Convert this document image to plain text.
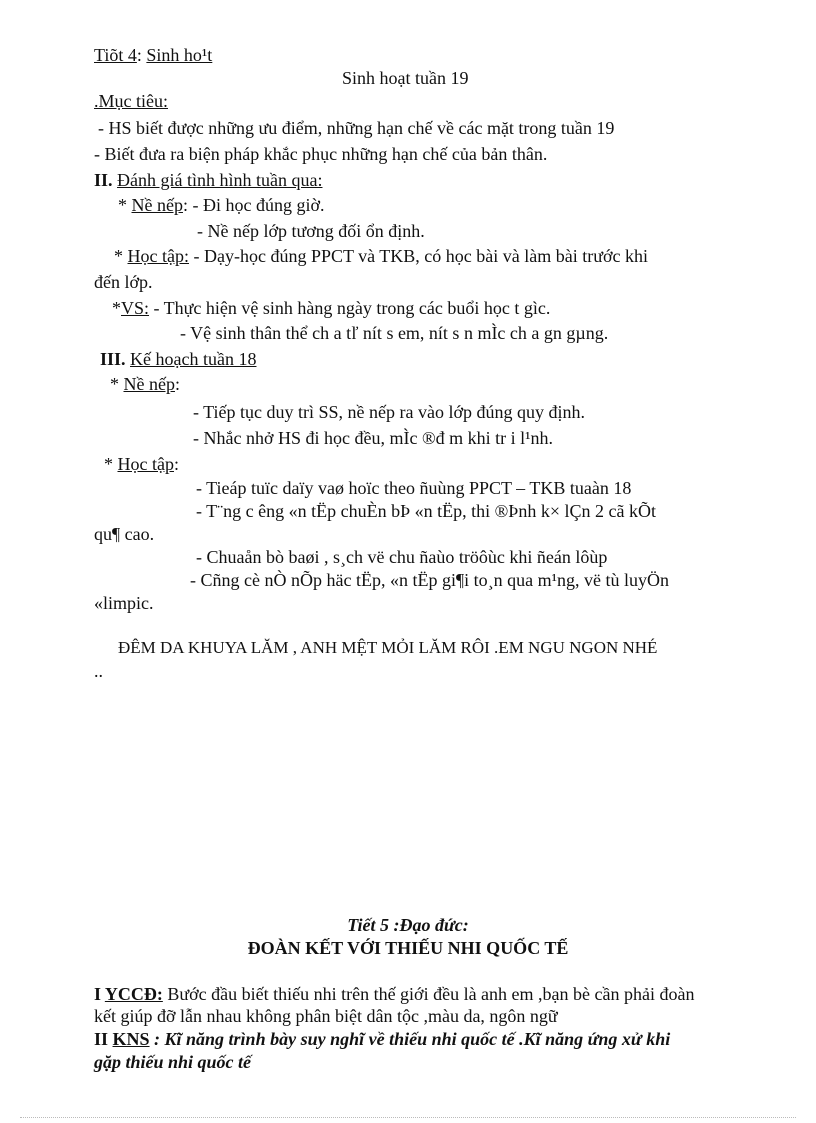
Tiõt 4: Sinh ho¹t
Sinh hoạt tuần 19
.Mục tiêu:
- HS biết được những ưu điểm, những hạn chế về các mặt trong tuần 19
- Biết đưa ra biện pháp khắc phục những hạn chế của bản thân.
II. Đánh giá tình hình tuần qua:
* Nề nếp: - Đi học đúng giờ.
- Nề nếp lớp tương đối ổn định.
* Học tập: - Dạy-học đúng PPCT và TKB, có học bài và làm bài trước khi
đến lớp.
*VS: - Thực hiện vệ sinh hàng ngày trong các buổi học t gìc.
- Vệ sinh thân thể ch a tľ nít s em, nít s n mÌc ch a gn gµng.
III. Kế hoạch tuần 18
* Nề nếp:
- Tiếp tục duy trì SS, nề nếp ra vào lớp đúng quy định.
- Nhắc nhở HS đi học đều, mÌc ®đ m khi tr i l¹nh.
* Học tập:
- Tieáp tuïc daïy vaø hoïc theo ñuùng PPCT – TKB tuaàn 18
- T¨ng c êng «n tËp chuÈn bÞ «n tËp, thi ®Þnh k× lÇn 2 cã kÕt
qu¶ cao.
- Chuaån bò baøi , s¸ch vë chu ñaùo tröôùc khi ñeán lôùp
- Cñng cè nÒ nÕp häc tËp, «n tËp gi¶i to¸n qua m¹ng, vë tù luyÖn
«limpic.
ĐÊM DA KHUYA LĂM , ANH MỆT MỎI LĂM RÔI .EM NGU NGON NHÉ
..
Tiết 5 :Đạo đức:
ĐOÀN KẾT VỚI THIẾU NHI QUỐC TẾ
I YCCĐ: Bước đầu biết thiếu nhi trên thế giới đều là anh em ,bạn bè cần phải đoàn
kết giúp đỡ lẫn nhau không phân biệt dân tộc ,màu da, ngôn ngữ
II KNS : Kĩ năng trình bày suy nghĩ về thiếu nhi quốc tế .Kĩ năng ứng xử khi
gặp thiếu nhi quốc tế
